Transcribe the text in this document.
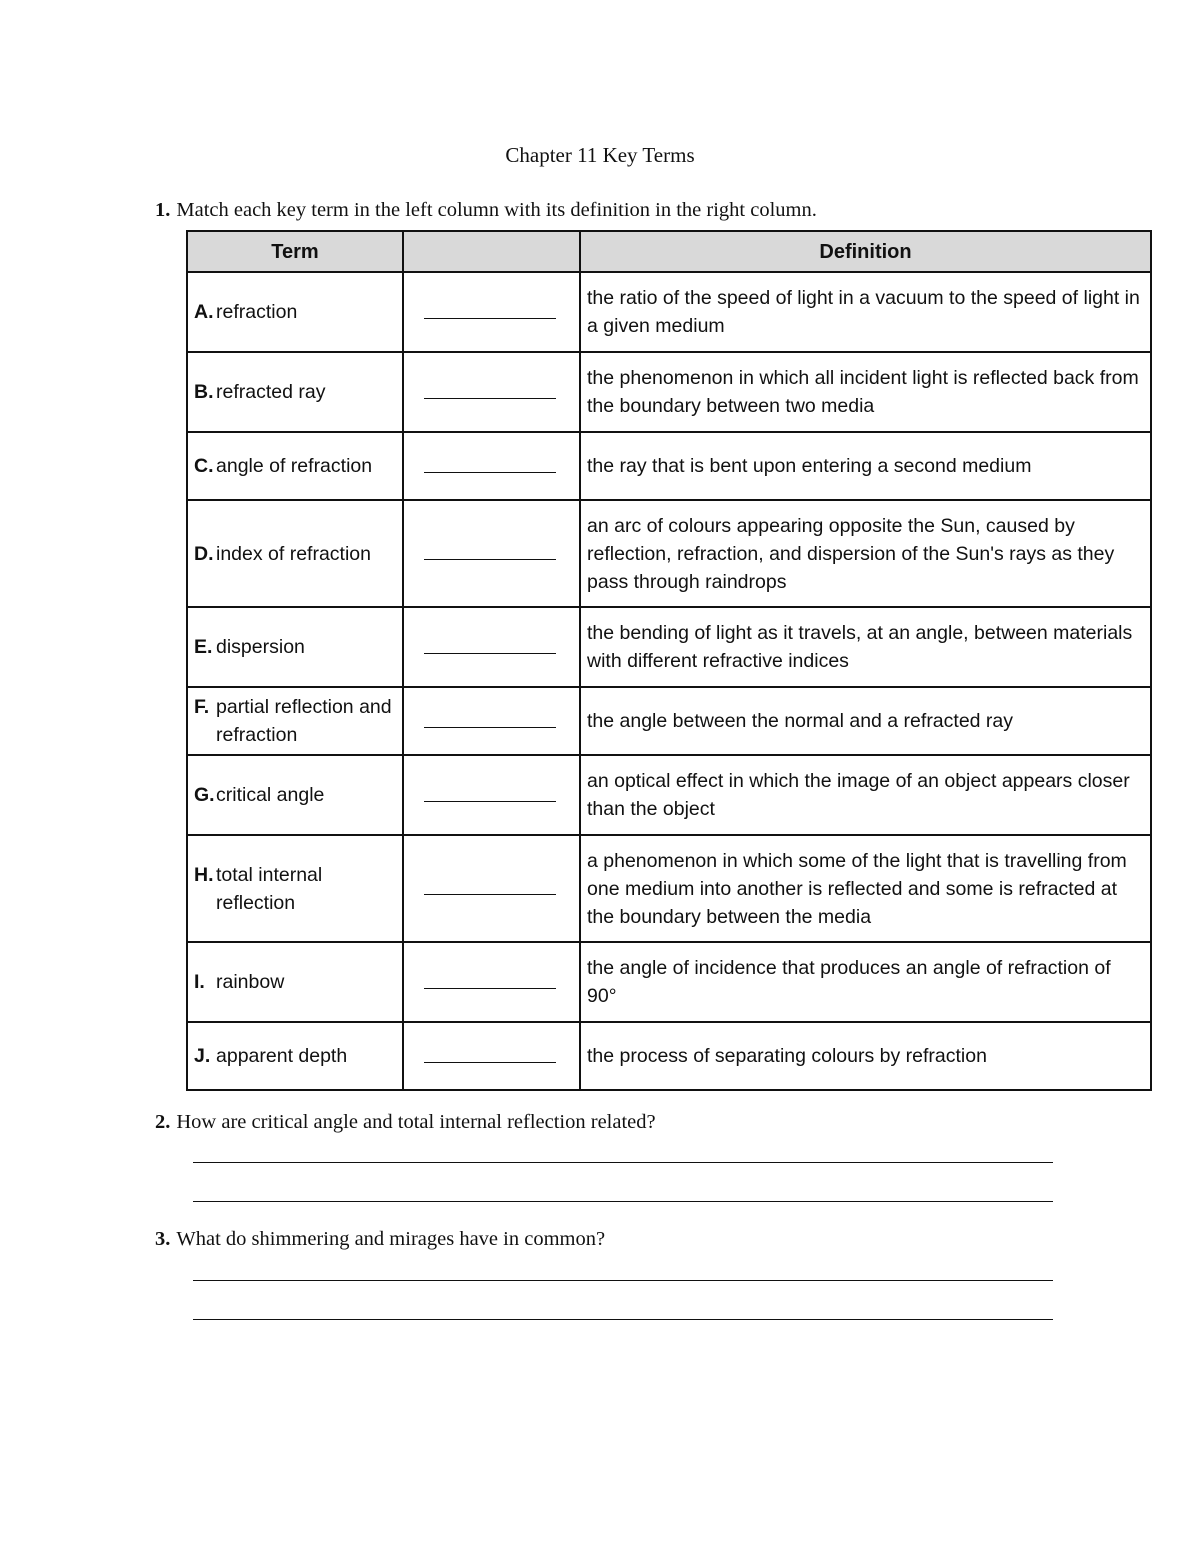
Chapter 11 Key Terms
1. Match each key term in the left column with its definition in the right column.
Term		Definition
A. refraction		the ratio of the speed of light in a vacuum to the speed of light in a given medium
B. refracted ray		the phenomenon in which all incident light is reflected back from the boundary between two media
C. angle of refraction		the ray that is bent upon entering a second medium
D. index of refraction		an arc of colours appearing opposite the Sun, caused by reflection, refraction, and dispersion of the Sun's rays as they pass through raindrops
E. dispersion		the bending of light as it travels, at an angle, between materials with different refractive indices
F. partial reflection and refraction		the angle between the normal and a refracted ray
G.critical angle		an optical effect in which the image of an object appears closer than the object
H. total internal reflection		a phenomenon in which some of the light that is travelling from one medium into another is reflected and some is refracted at the boundary between the media
I. rainbow		the angle of incidence that produces an angle of refraction of 90°
J. apparent depth		the process of separating colours by refraction
2. How are critical angle and total internal reflection related?
3. What do shimmering and mirages have in common?
